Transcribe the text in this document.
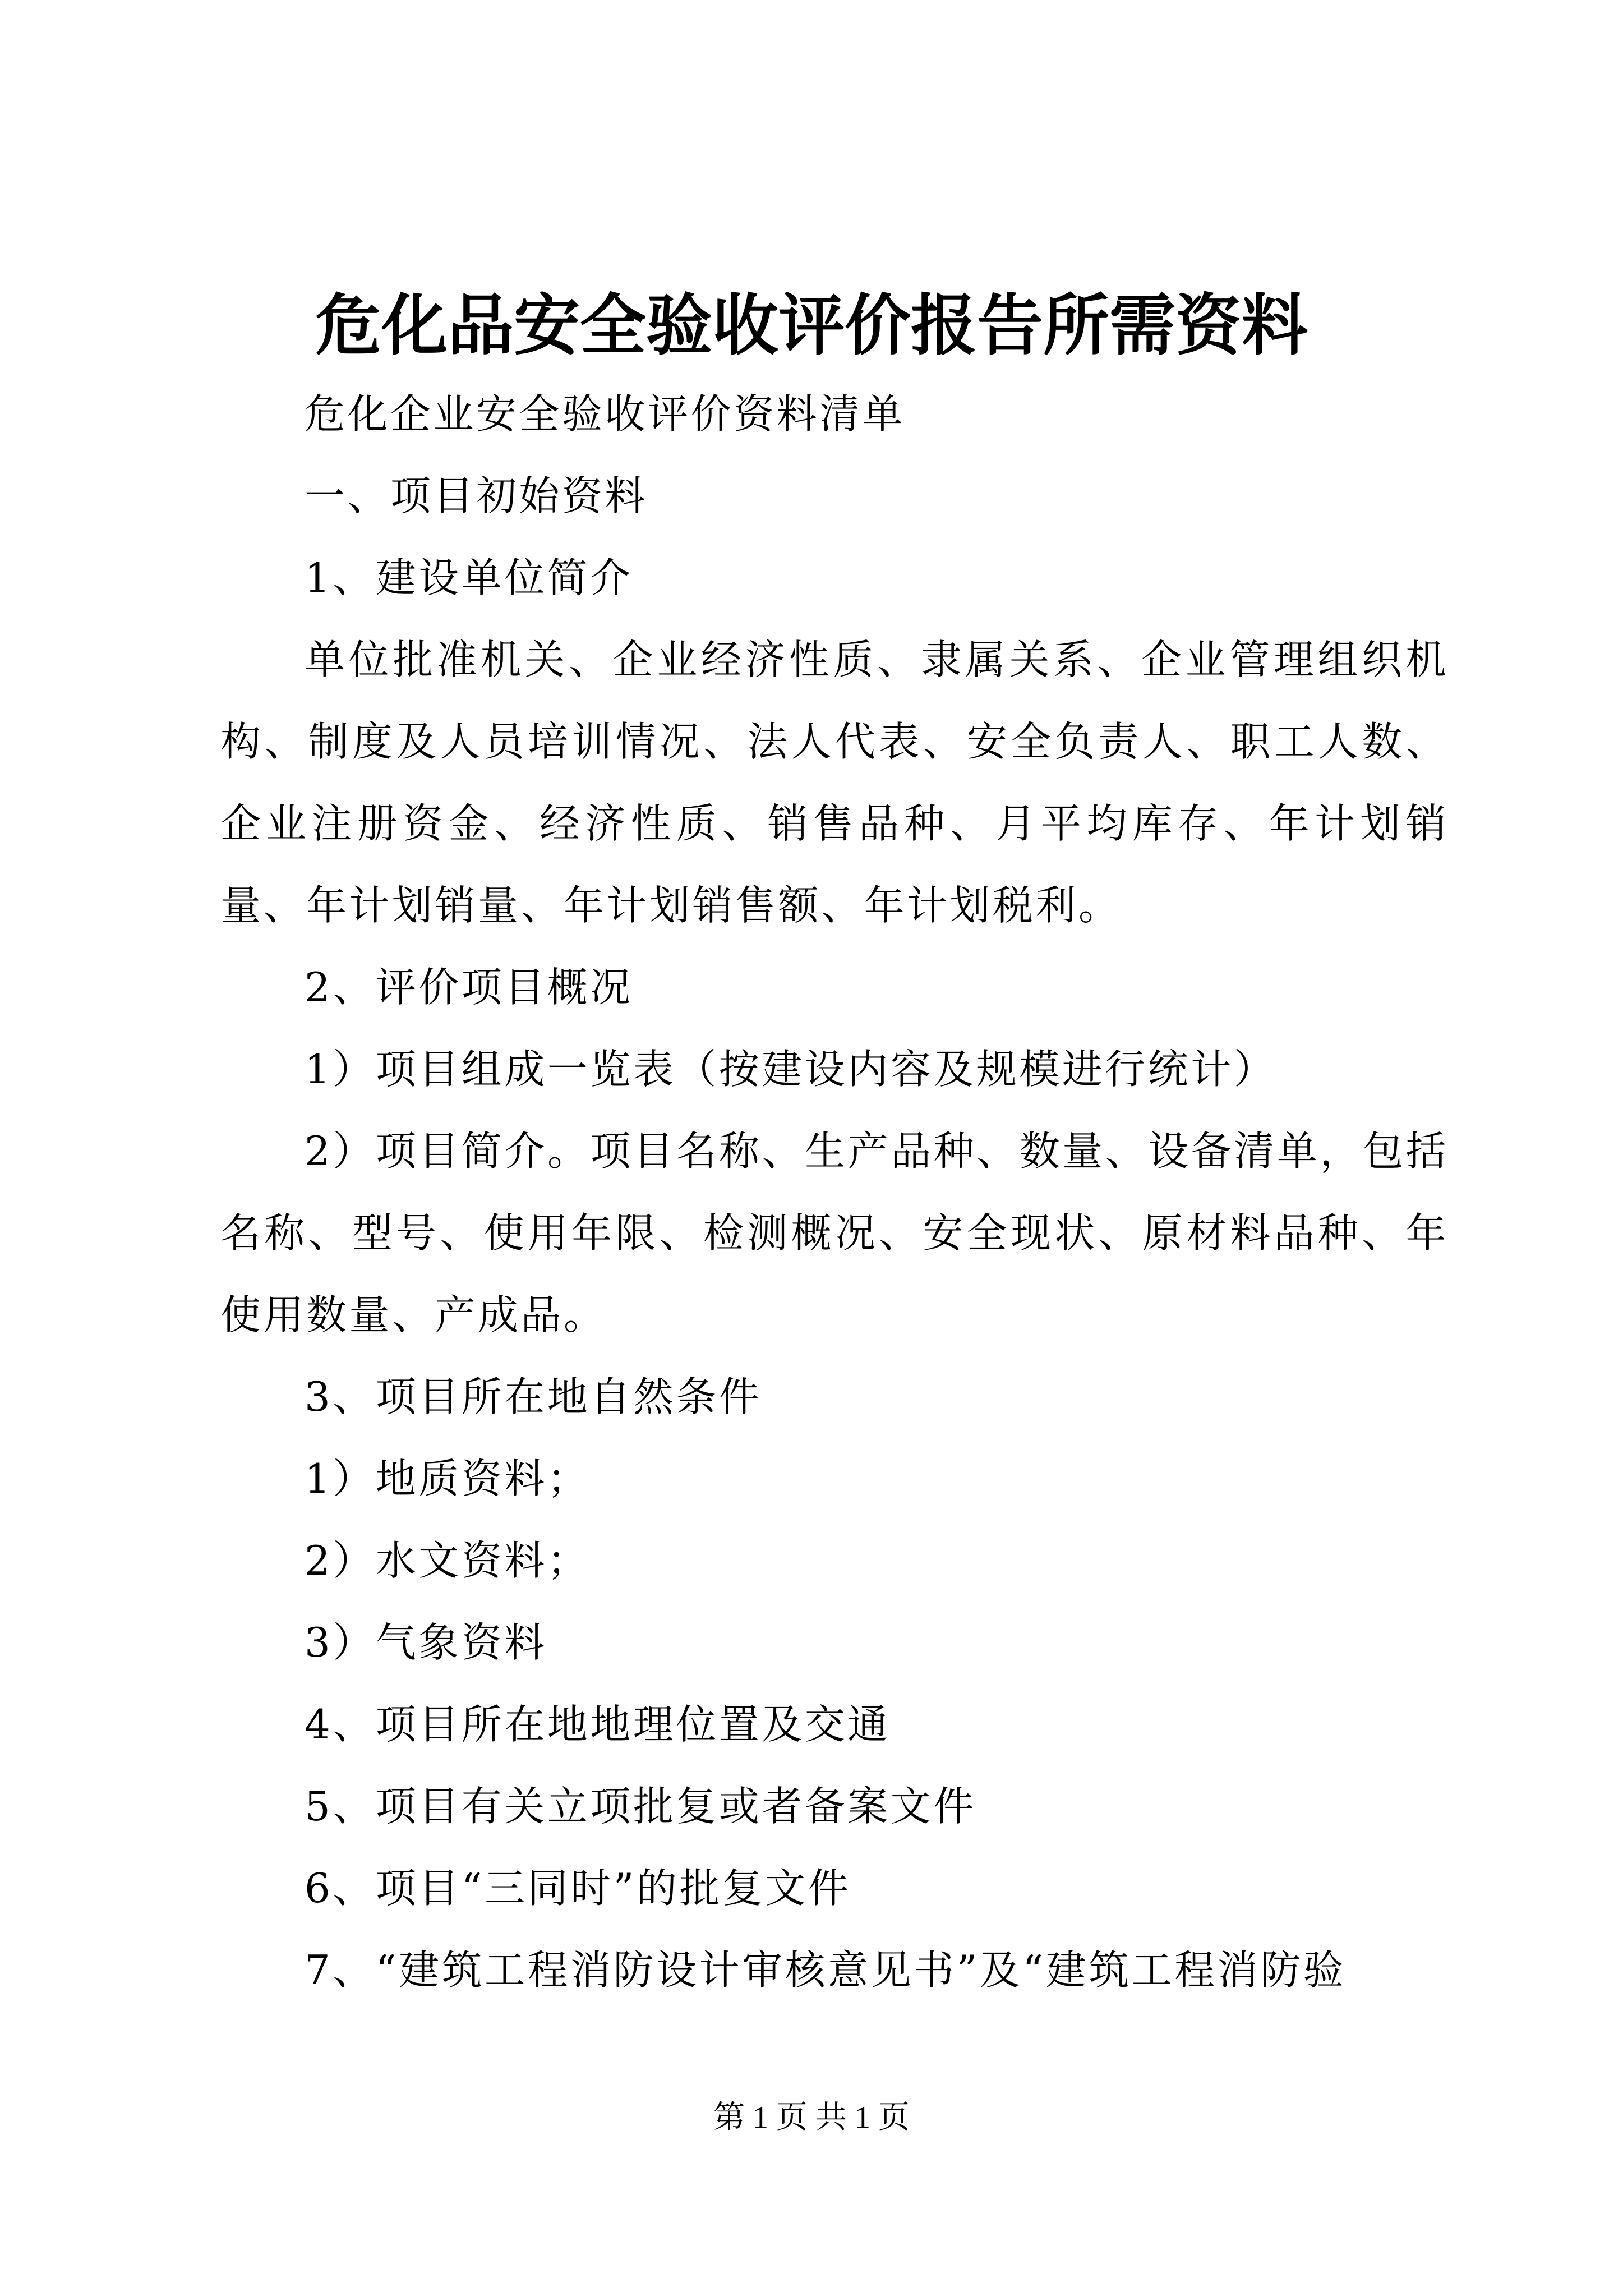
危化品安全验收评价报告所需资料

危化企业安全验收评价资料清单

一、项目初始资料

1、建设单位简介

单位批准机关、企业经济性质、隶属关系、企业管理组织机构、制度及人员培训情况、法人代表、安全负责人、职工人数、企业注册资金、经济性质、销售品种、月平均库存、年计划销量、年计划销量、年计划销售额、年计划税利。

2、评价项目概况

1）项目组成一览表（按建设内容及规模进行统计）

2）项目简介。项目名称、生产品种、数量、设备清单，包括名称、型号、使用年限、检测概况、安全现状、原材料品种、年使用数量、产成品。

3、项目所在地自然条件

1）地质资料；

2）水文资料；

3）气象资料

4、项目所在地地理位置及交通

5、项目有关立项批复或者备案文件

6、项目“三同时”的批复文件

7、“建筑工程消防设计审核意见书”及“建筑工程消防验

第 1 页 共 1 页
